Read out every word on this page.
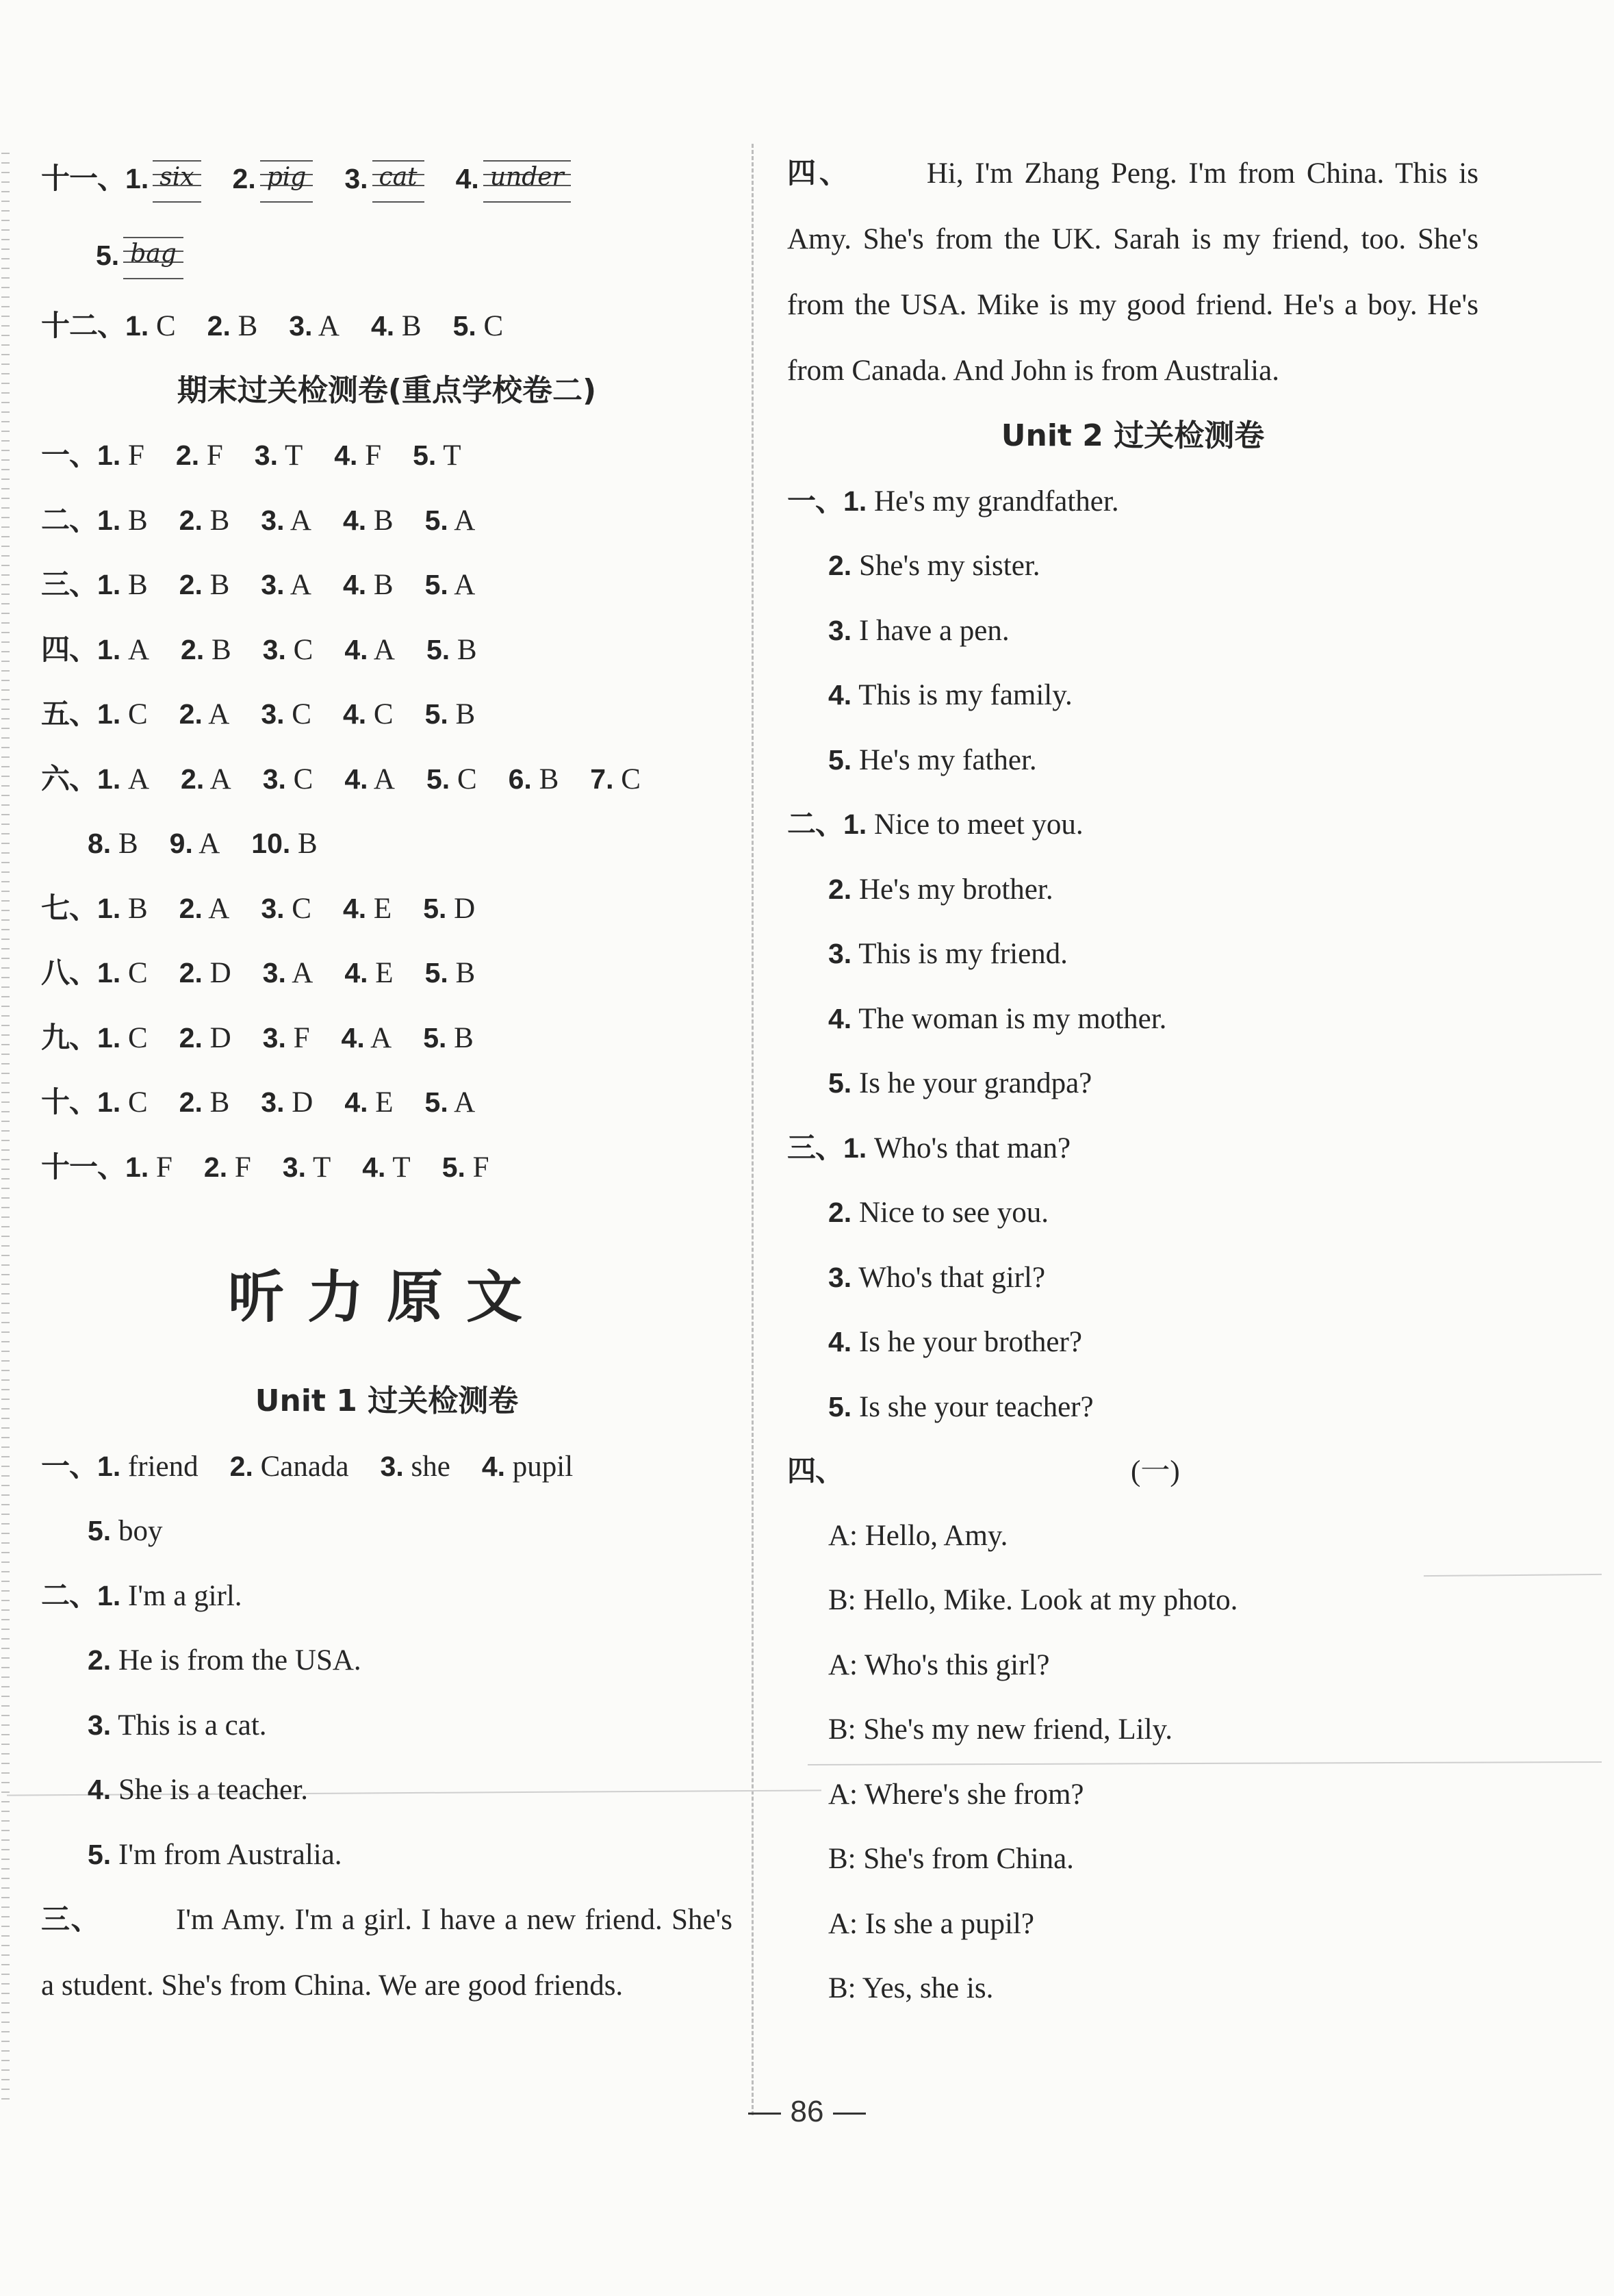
十一、1. six 2. pig 3. cat 4. under
5. bag
十二、1. C 2. B 3. A 4. B 5. C
期末过关检测卷(重点学校卷二)
一、1. F 2. F 3. T 4. F 5. T
二、1. B 2. B 3. A 4. B 5. A
三、1. B 2. B 3. A 4. B 5. A
四、1. A 2. B 3. C 4. A 5. B
五、1. C 2. A 3. C 4. C 5. B
六、1. A 2. A 3. C 4. A 5. C 6. B 7. C
8. B 9. A 10. B
七、1. B 2. A 3. C 4. E 5. D
八、1. C 2. D 3. A 4. E 5. B
九、1. C 2. D 3. F 4. A 5. B
十、1. C 2. B 3. D 4. E 5. A
十一、1. F 2. F 3. T 4. T 5. F
听力原文
Unit 1 过关检测卷
一、1. friend 2. Canada 3. she 4. pupil
5. boy
二、1. I'm a girl.
2. He is from the USA.
3. This is a cat.
4. She is a teacher.
5. I'm from Australia.
三、	I'm Amy. I'm a girl. I have a new friend. She's a student. She's from China. We are good friends.
四、	Hi, I'm Zhang Peng. I'm from China. This is Amy. She's from the UK. Sarah is my friend, too. She's from the USA. Mike is my good friend. He's a boy. He's from Canada. And John is from Australia.
Unit 2 过关检测卷
一、1. He's my grandfather.
2. She's my sister.
3. I have a pen.
4. This is my family.
5. He's my father.
二、1. Nice to meet you.
2. He's my brother.
3. This is my friend.
4. The woman is my mother.
5. Is he your grandpa?
三、1. Who's that man?
2. Nice to see you.
3. Who's that girl?
4. Is he your brother?
5. Is she your teacher?
四、	(一)
A: Hello, Amy.
B: Hello, Mike. Look at my photo.
A: Who's this girl?
B: She's my new friend, Lily.
A: Where's she from?
B: She's from China.
A: Is she a pupil?
B: Yes, she is.
86
